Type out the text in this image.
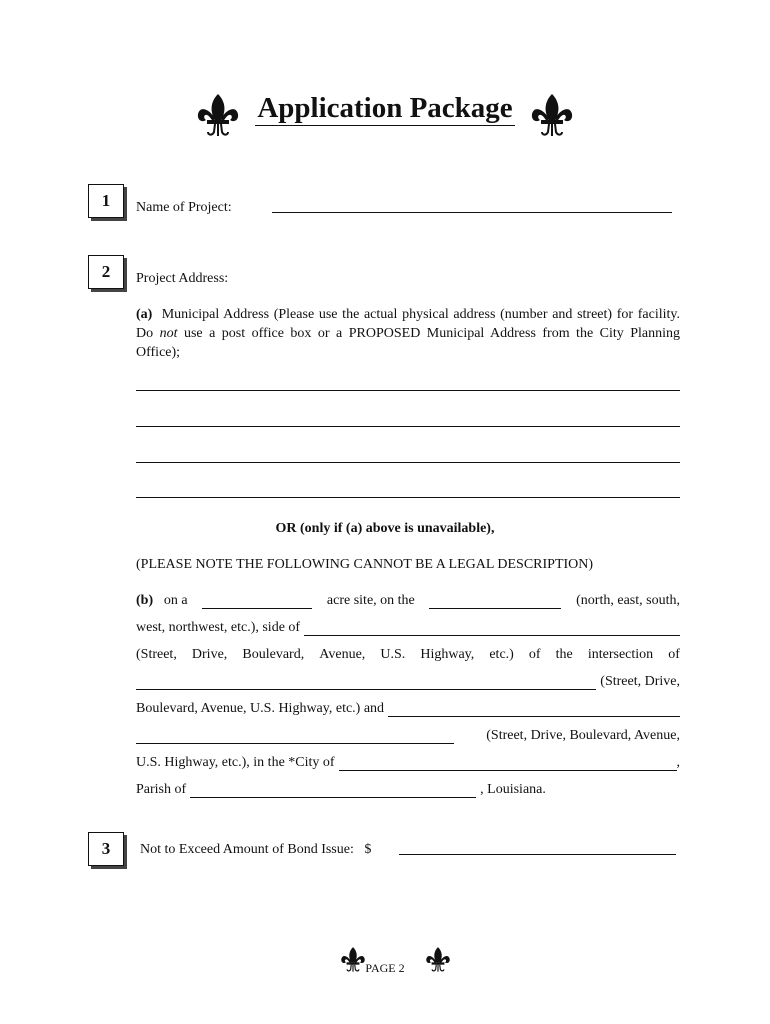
Application Package
1	Name of Project:
2	Project Address:
(a) Municipal Address (Please use the actual physical address (number and street) for facility. Do not use a post office box or a PROPOSED Municipal Address from the City Planning Office);
OR (only if (a) above is unavailable),
(PLEASE NOTE THE FOLLOWING CANNOT BE A LEGAL DESCRIPTION)
(b) on a	acre site, on the	(north, east, south,
west, northwest, etc.), side of
(Street, Drive, Boulevard, Avenue, U.S. Highway, etc.) of the intersection of
(Street, Drive,
Boulevard, Avenue, U.S. Highway, etc.) and
(Street, Drive, Boulevard, Avenue,
U.S. Highway, etc.), in the *City of	,
Parish of	, Louisiana.
3	Not to Exceed Amount of Bond Issue: $
PAGE 2
